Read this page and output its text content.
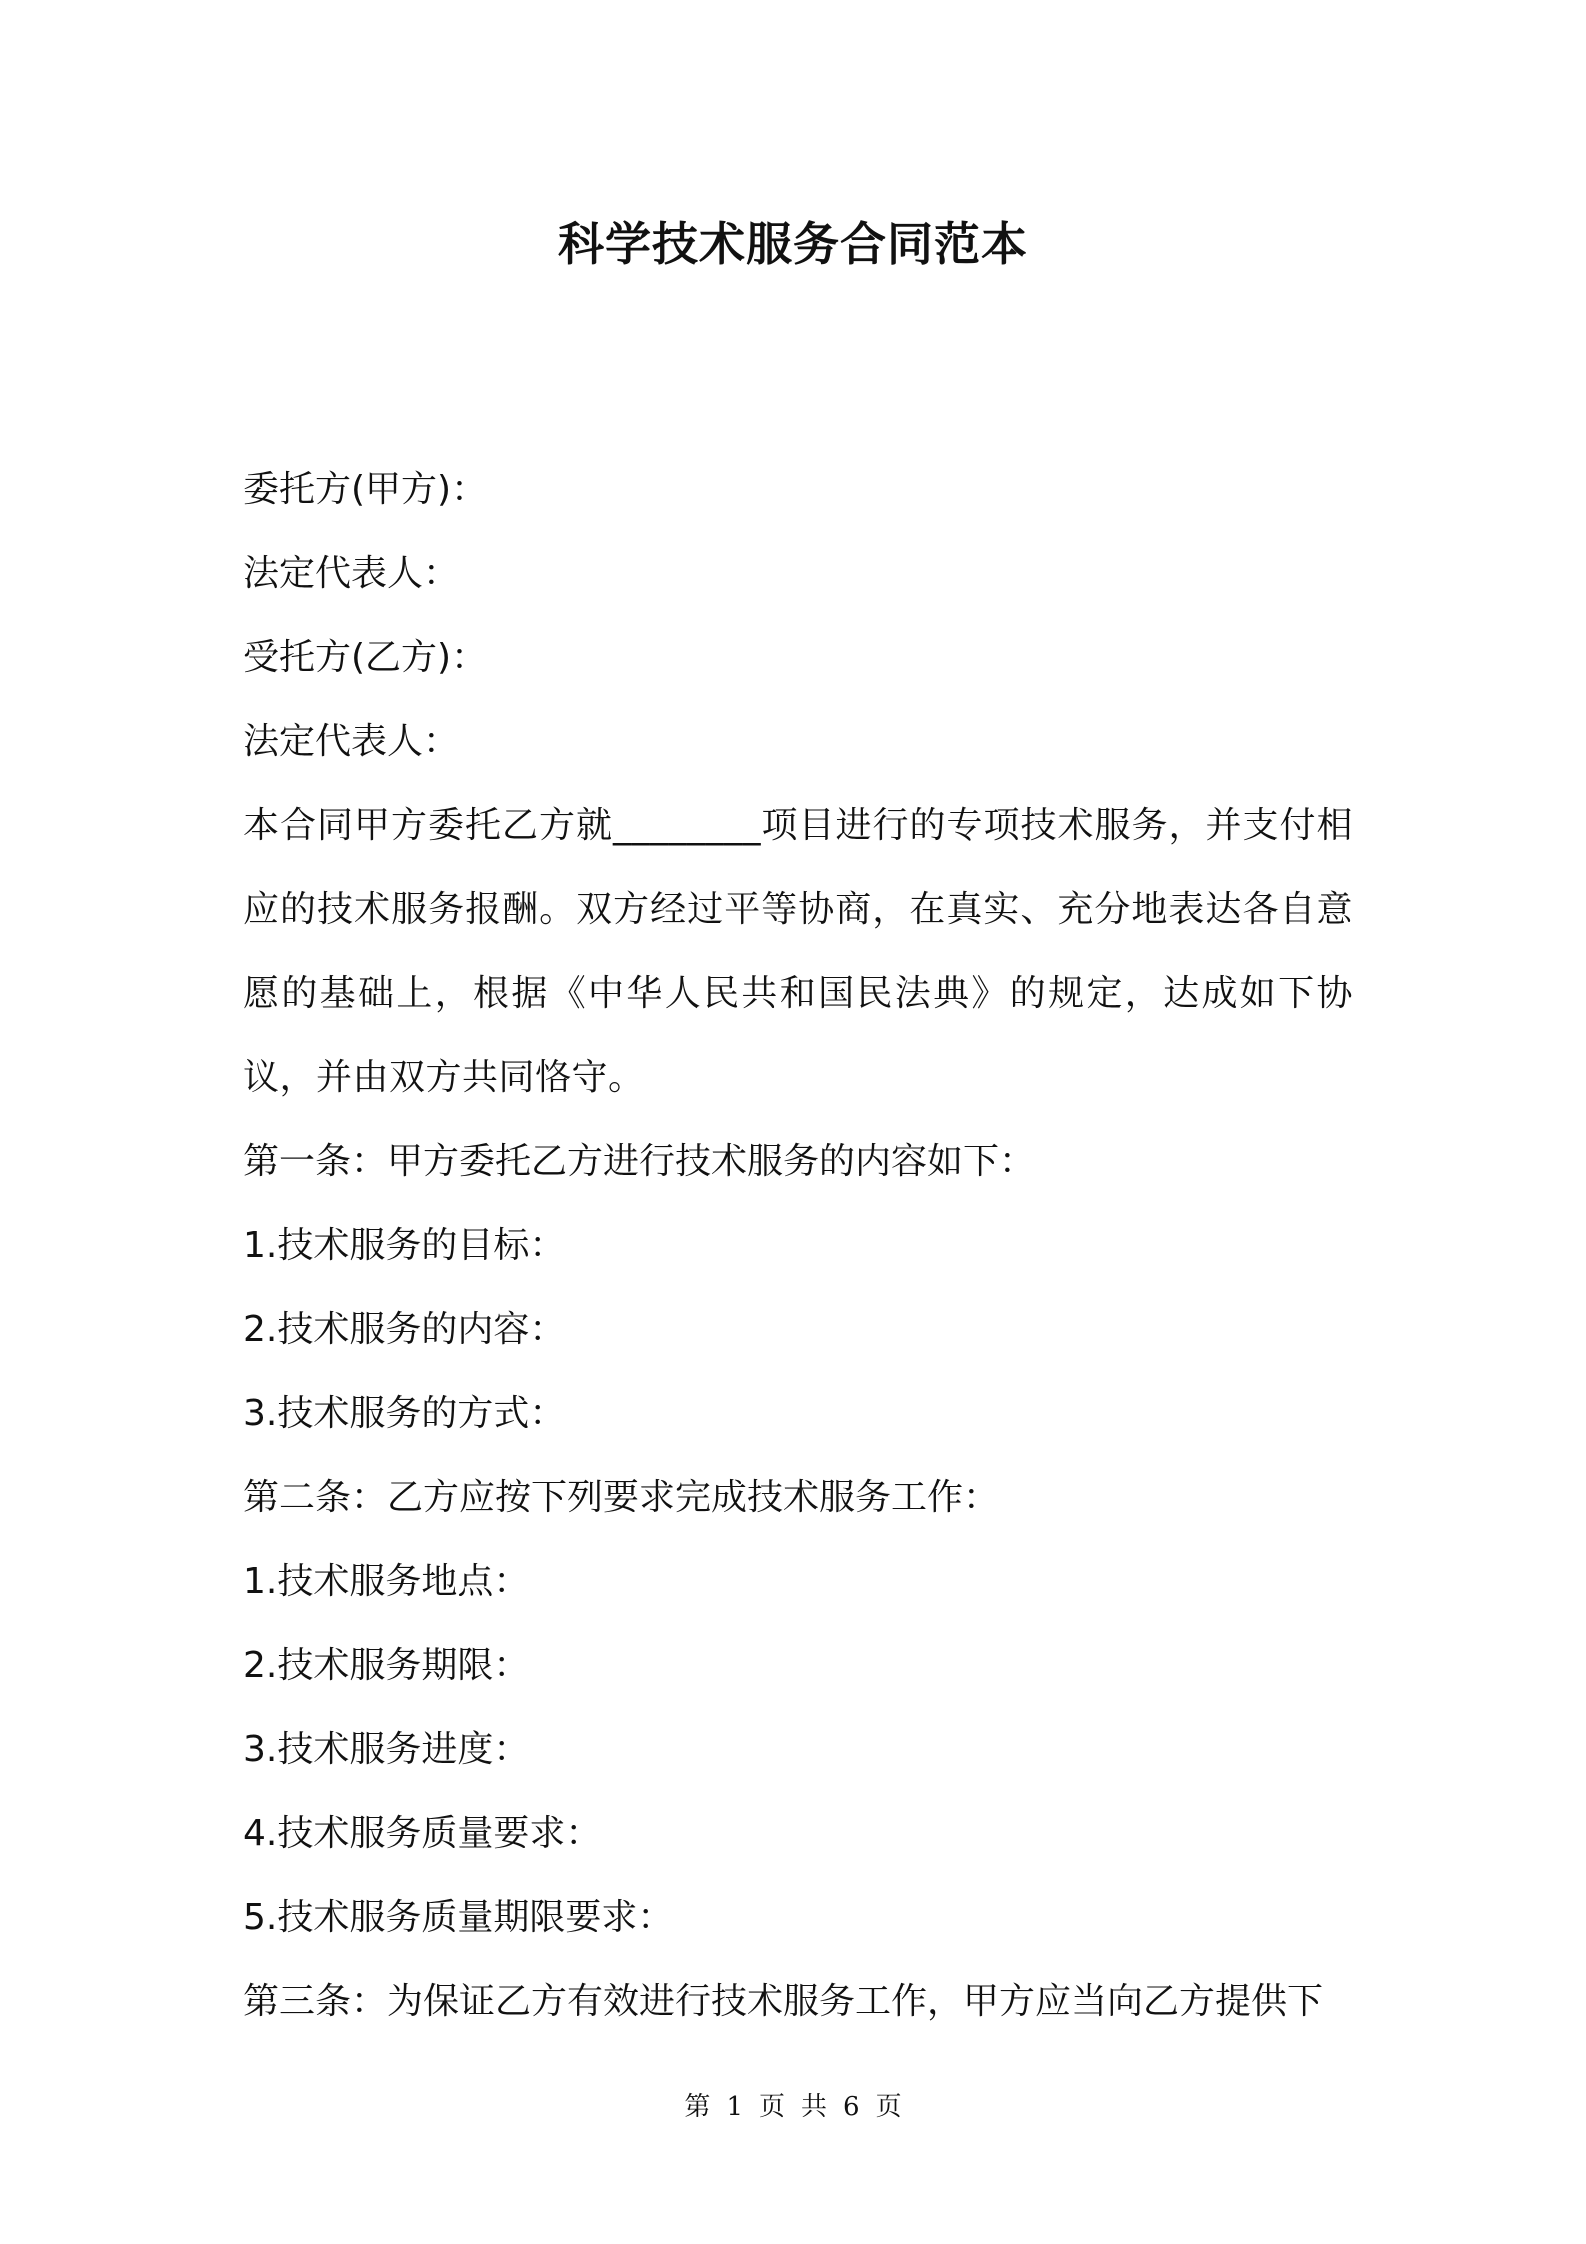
科学技术服务合同范本

委托方(甲方)：

法定代表人：

受托方(乙方)：

法定代表人：

本合同甲方委托乙方就________项目进行的专项技术服务，并支付相应的技术服务报酬。双方经过平等协商，在真实、充分地表达各自意愿的基础上，根据《中华人民共和国民法典》的规定，达成如下协议，并由双方共同恪守。

第一条：甲方委托乙方进行技术服务的内容如下：

1.技术服务的目标：

2.技术服务的内容：

3.技术服务的方式：

第二条：乙方应按下列要求完成技术服务工作：

1.技术服务地点：

2.技术服务期限：

3.技术服务进度：

4.技术服务质量要求：

5.技术服务质量期限要求：

第三条：为保证乙方有效进行技术服务工作，甲方应当向乙方提供下

第 1 页 共 6 页
